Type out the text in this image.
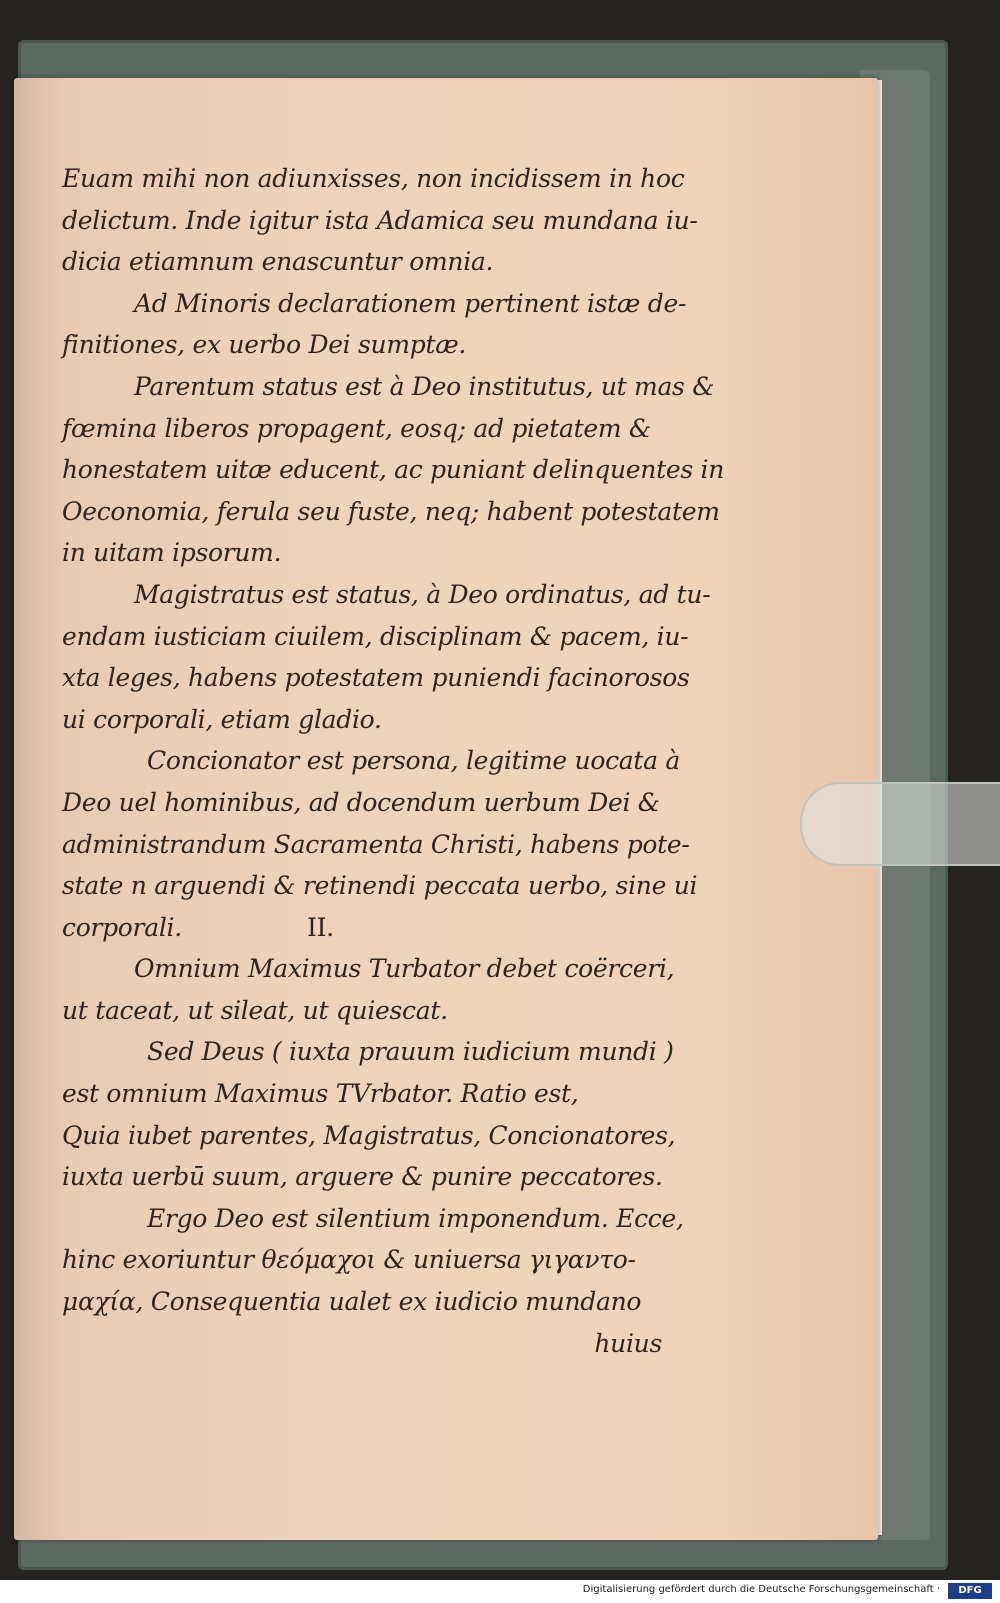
Euam mihi non adiunxisses, non incidissem in hoc
delictum. Inde igitur ista Adamica seu mundana iu-
dicia etiamnum enascuntur omnia.
Ad Minoris declarationem pertinent istæ de-
finitiones, ex uerbo Dei sumptæ.
Parentum status est à Deo institutus, ut mas &
fœmina liberos propagent, eosq; ad pietatem &
honestatem uitæ educent, ac puniant delinquentes in
Oeconomia, ferula seu fuste, neq; habent potestatem
in uitam ipsorum.
Magistratus est status, à Deo ordinatus, ad tu-
endam iusticiam ciuilem, disciplinam & pacem, iu-
xta leges, habens potestatem puniendi facinorosos
ui corporali, etiam gladio.
Concionator est persona, legitime uocata à
Deo uel hominibus, ad docendum uerbum Dei &
administrandum Sacramenta Christi, habens pote-
state n arguendi & retinendi peccata uerbo, sine ui
corporali.	II.
Omnium Maximus Turbator debet coërceri,
ut taceat, ut sileat, ut quiescat.
Sed Deus ( iuxta prauum iudicium mundi )
est omnium Maximus TVrbator. Ratio est,
Quia iubet parentes, Magistratus, Concionatores,
iuxta uerbū suum, arguere & punire peccatores.
Ergo Deo est silentium imponendum. Ecce,
hinc exoriuntur θεόμαχοι & uniuersa γιγαντο-
μαχία, Consequentia ualet ex iudicio mundano
huius
Digitalisierung gefördert durch die Deutsche Forschungsgemeinschaft ·	DFG
